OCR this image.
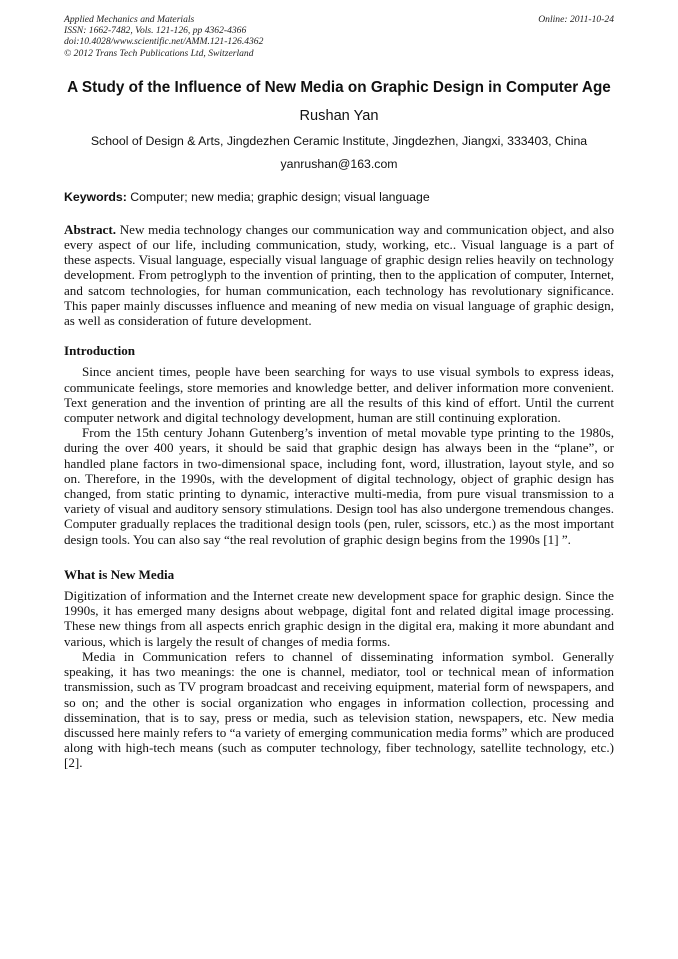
Applied Mechanics and Materials
ISSN: 1662-7482, Vols. 121-126, pp 4362-4366
doi:10.4028/www.scientific.net/AMM.121-126.4362
© 2012 Trans Tech Publications Ltd, Switzerland
Online: 2011-10-24
A Study of the Influence of New Media on Graphic Design in Computer Age
Rushan Yan
School of Design & Arts, Jingdezhen Ceramic Institute, Jingdezhen, Jiangxi, 333403, China
yanrushan@163.com
Keywords: Computer; new media; graphic design; visual language

Abstract. New media technology changes our communication way and communication object, and also every aspect of our life, including communication, study, working, etc.. Visual language is a part of these aspects. Visual language, especially visual language of graphic design relies heavily on technology development. From petroglyph to the invention of printing, then to the application of computer, Internet, and satcom technologies, for human communication, each technology has revolutionary significance. This paper mainly discusses influence and meaning of new media on visual language of graphic design, as well as consideration of future development.

Introduction

Since ancient times, people have been searching for ways to use visual symbols to express ideas, communicate feelings, store memories and knowledge better, and deliver information more convenient. Text generation and the invention of printing are all the results of this kind of effort. Until the current computer network and digital technology development, human are still continuing exploration.

From the 15th century Johann Gutenberg’s invention of metal movable type printing to the 1980s, during the over 400 years, it should be said that graphic design has always been in the “plane”, or handled plane factors in two-dimensional space, including font, word, illustration, layout style, and so on. Therefore, in the 1990s, with the development of digital technology, object of graphic design has changed, from static printing to dynamic, interactive multi-media, from pure visual transmission to a variety of visual and auditory sensory stimulations. Design tool has also undergone tremendous changes. Computer gradually replaces the traditional design tools (pen, ruler, scissors, etc.) as the most important design tools. You can also say “the real revolution of graphic design begins from the 1990s [1] ”.

What is New Media

Digitization of information and the Internet create new development space for graphic design. Since the 1990s, it has emerged many designs about webpage, digital font and related digital image processing. These new things from all aspects enrich graphic design in the digital era, making it more abundant and various, which is largely the result of changes of media forms.

Media in Communication refers to channel of disseminating information symbol. Generally speaking, it has two meanings: the one is channel, mediator, tool or technical mean of information transmission, such as TV program broadcast and receiving equipment, material form of newspapers, and so on; and the other is social organization who engages in information collection, processing and dissemination, that is to say, press or media, such as television station, newspapers, etc. New media discussed here mainly refers to “a variety of emerging communication media forms” which are produced along with high-tech means (such as computer technology, fiber technology, satellite technology, etc.)[2].
